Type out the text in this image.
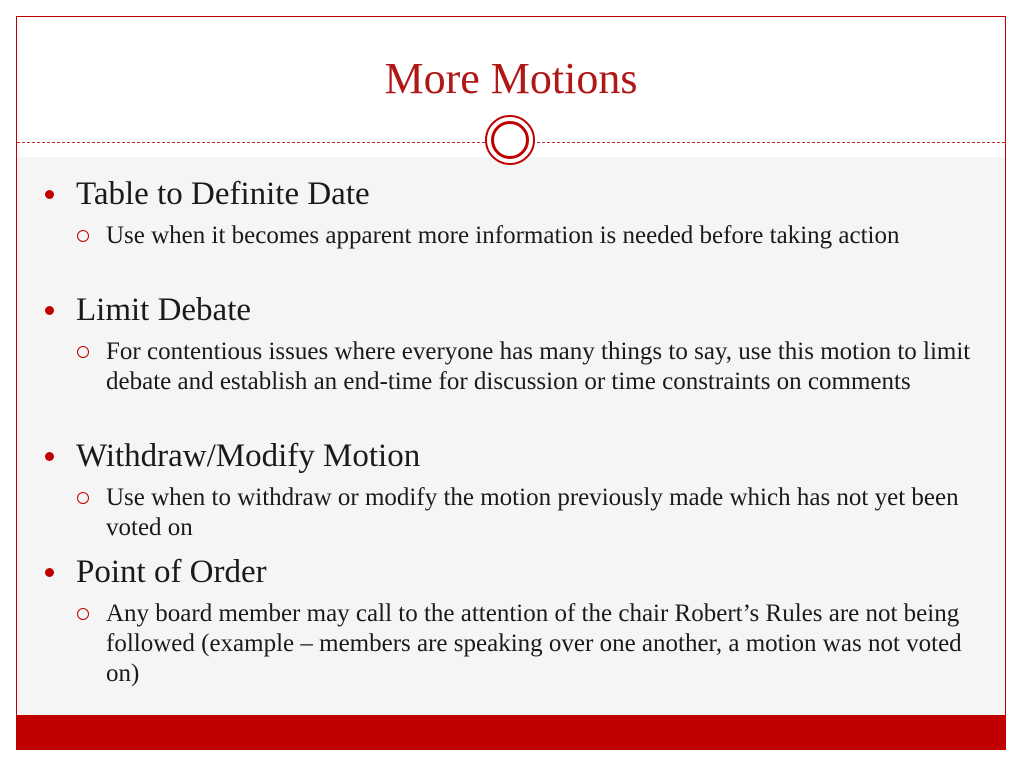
More Motions
Table to Definite Date
Use when it becomes apparent more information is needed before taking action
Limit Debate
For contentious issues where everyone has many things to say, use this motion to limit debate and establish an end-time for discussion or time constraints on comments
Withdraw/Modify Motion
Use when to withdraw or modify the motion previously made which has not yet been voted on
Point of Order
Any board member may call to the attention of the chair Robert’s Rules are not being followed (example – members are speaking over one another, a motion was not voted on)
